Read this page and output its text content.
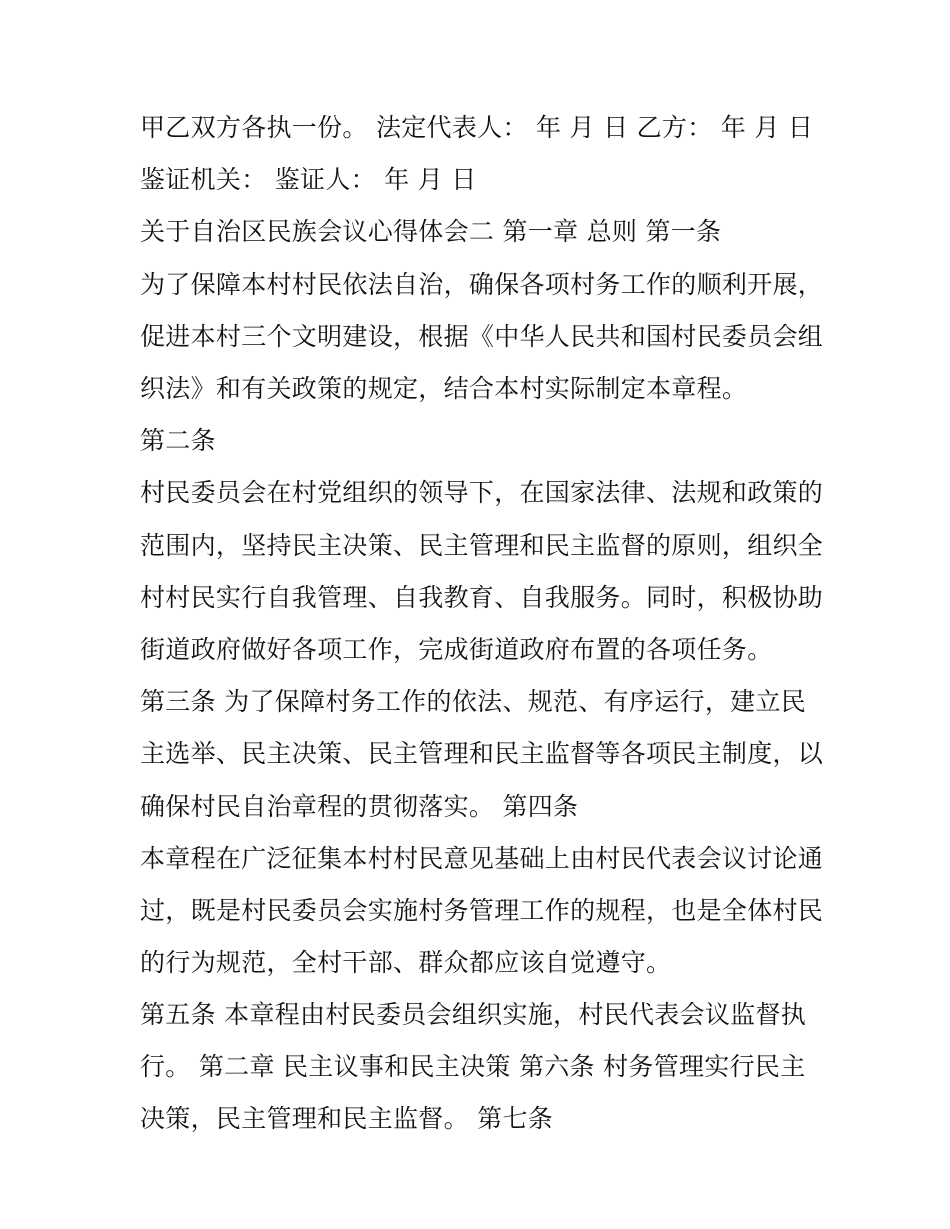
甲乙双方各执一份。 法定代表人： 年 月 日 乙方： 年 月 日

鉴证机关： 鉴证人： 年 月 日

关于自治区民族会议心得体会二 第一章 总则 第一条

为了保障本村村民依法自治，确保各项村务工作的顺利开展，

促进本村三个文明建设，根据《中华人民共和国村民委员会组

织法》和有关政策的规定，结合本村实际制定本章程。

第二条

村民委员会在村党组织的领导下，在国家法律、法规和政策的

范围内，坚持民主决策、民主管理和民主监督的原则，组织全

村村民实行自我管理、自我教育、自我服务。同时，积极协助

街道政府做好各项工作，完成街道政府布置的各项任务。

第三条 为了保障村务工作的依法、规范、有序运行，建立民

主选举、民主决策、民主管理和民主监督等各项民主制度，以

确保村民自治章程的贯彻落实。 第四条

本章程在广泛征集本村村民意见基础上由村民代表会议讨论通

过，既是村民委员会实施村务管理工作的规程，也是全体村民

的行为规范，全村干部、群众都应该自觉遵守。

第五条 本章程由村民委员会组织实施，村民代表会议监督执

行。 第二章 民主议事和民主决策 第六条 村务管理实行民主

决策，民主管理和民主监督。 第七条
